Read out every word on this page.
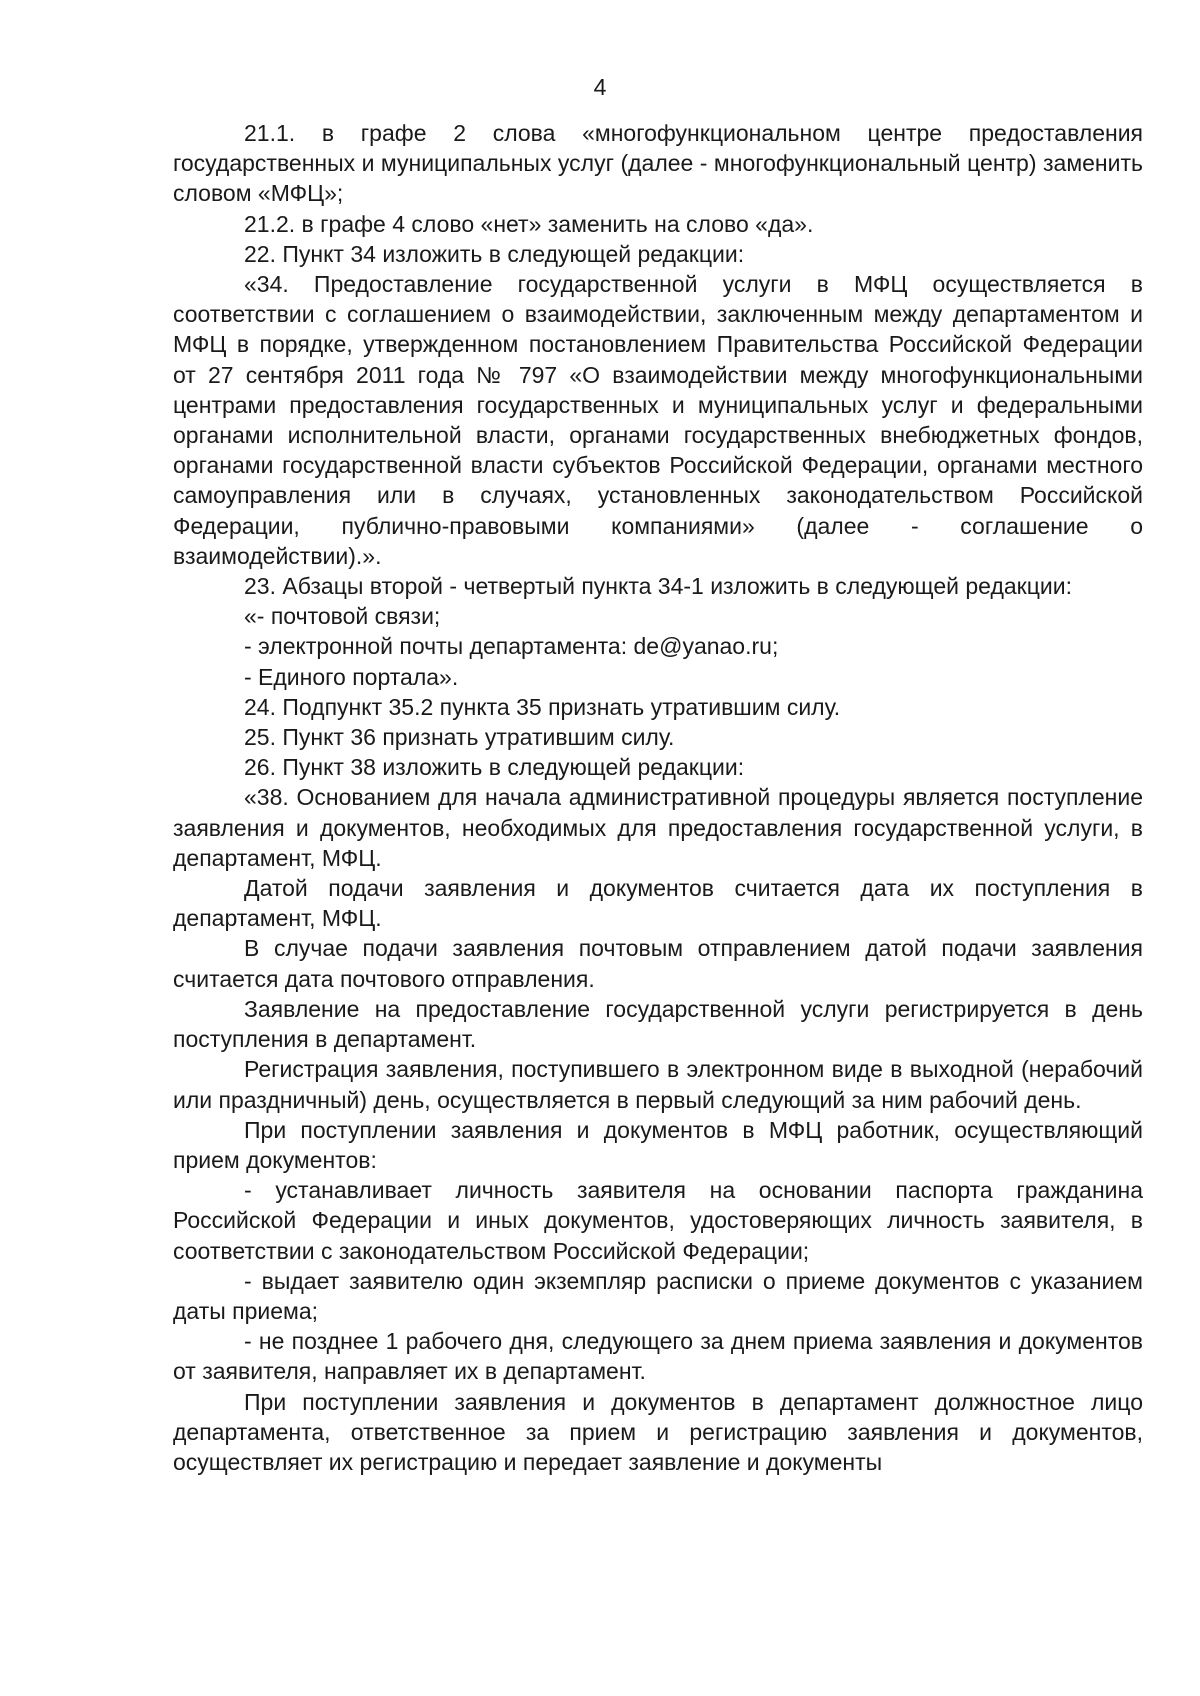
4

21.1. в графе 2 слова «многофункциональном центре предоставления государственных и муниципальных услуг (далее - многофункциональный центр) заменить словом «МФЦ»;

21.2. в графе 4 слово «нет» заменить на слово «да».

22. Пункт 34 изложить в следующей редакции:

«34. Предоставление государственной услуги в МФЦ осуществляется в соответствии с соглашением о взаимодействии, заключенным между департаментом и МФЦ в порядке, утвержденном постановлением Правительства Российской Федерации от 27 сентября 2011 года № 797 «О взаимодействии между многофункциональными центрами предоставления государственных и муниципальных услуг и федеральными органами исполнительной власти, органами государственных внебюджетных фондов, органами государственной власти субъектов Российской Федерации, органами местного самоуправления или в случаях, установленных законодательством Российской Федерации, публично-правовыми компаниями» (далее - соглашение о взаимодействии).».

23. Абзацы второй - четвертый пункта 34-1 изложить в следующей редакции:

«- почтовой связи;

- электронной почты департамента: de@yanao.ru;

- Единого портала».

24. Подпункт 35.2 пункта 35 признать утратившим силу.

25. Пункт 36 признать утратившим силу.

26. Пункт 38 изложить в следующей редакции:

«38. Основанием для начала административной процедуры является поступление заявления и документов, необходимых для предоставления государственной услуги, в департамент, МФЦ.

Датой подачи заявления и документов считается дата их поступления в департамент, МФЦ.

В случае подачи заявления почтовым отправлением датой подачи заявления считается дата почтового отправления.

Заявление на предоставление государственной услуги регистрируется в день поступления в департамент.

Регистрация заявления, поступившего в электронном виде в выходной (нерабочий или праздничный) день, осуществляется в первый следующий за ним рабочий день.

При поступлении заявления и документов в МФЦ работник, осуществляющий прием документов:

- устанавливает личность заявителя на основании паспорта гражданина Российской Федерации и иных документов, удостоверяющих личность заявителя, в соответствии с законодательством Российской Федерации;

- выдает заявителю один экземпляр расписки о приеме документов с указанием даты приема;

- не позднее 1 рабочего дня, следующего за днем приема заявления и документов от заявителя, направляет их в департамент.

При поступлении заявления и документов в департамент должностное лицо департамента, ответственное за прием и регистрацию заявления и документов, осуществляет их регистрацию и передает заявление и документы
